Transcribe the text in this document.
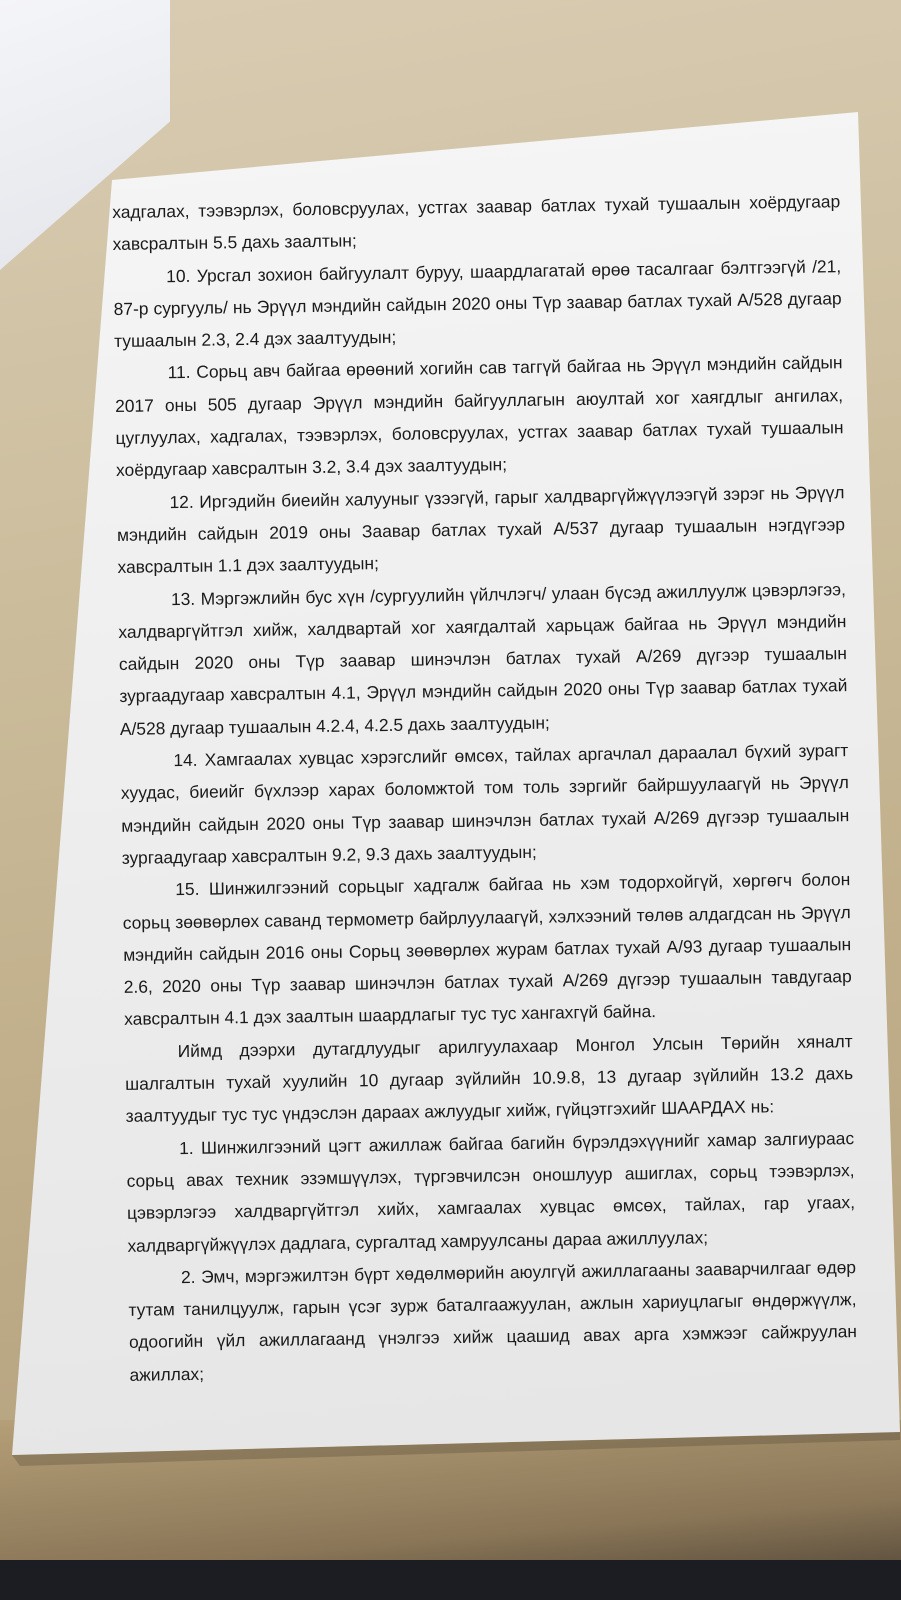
хадгалах, тээвэрлэх, боловсруулах, устгах заавар батлах тухай тушаалын хоёрдугаар хавсралтын 5.5 дахь заалтын;

10. Урсгал зохион байгуулалт буруу, шаардлагатай өрөө тасалгааг бэлтгээгүй /21, 87-р сургууль/ нь Эрүүл мэндийн сайдын 2020 оны Түр заавар батлах тухай А/528 дугаар тушаалын 2.3, 2.4 дэх заалтуудын;

11. Сорьц авч байгаа өрөөний хогийн сав таггүй байгаа нь Эрүүл мэндийн сайдын 2017 оны 505 дугаар Эрүүл мэндийн байгууллагын аюултай хог хаягдлыг ангилах, цуглуулах, хадгалах, тээвэрлэх, боловсруулах, устгах заавар батлах тухай тушаалын хоёрдугаар хавсралтын 3.2, 3.4 дэх заалтуудын;

12. Иргэдийн биеийн халууныг үзээгүй, гарыг халдваргүйжүүлээгүй зэрэг нь Эрүүл мэндийн сайдын 2019 оны Заавар батлах тухай А/537 дугаар тушаалын нэгдүгээр хавсралтын 1.1 дэх заалтуудын;

13. Мэргэжлийн бус хүн /сургуулийн үйлчлэгч/ улаан бүсэд ажиллуулж цэвэрлэгээ, халдваргүйтгэл хийж, халдвартай хог хаягдалтай харьцаж байгаа нь Эрүүл мэндийн сайдын 2020 оны Түр заавар шинэчлэн батлах тухай А/269 дүгээр тушаалын зургаадугаар хавсралтын 4.1, Эрүүл мэндийн сайдын 2020 оны Түр заавар батлах тухай А/528 дугаар тушаалын 4.2.4, 4.2.5 дахь заалтуудын;

14. Хамгаалах хувцас хэрэгслийг өмсөх, тайлах аргачлал дараалал бүхий зурагт хуудас, биеийг бүхлээр харах боломжтой том толь зэргийг байршуулаагүй нь Эрүүл мэндийн сайдын 2020 оны Түр заавар шинэчлэн батлах тухай А/269 дүгээр тушаалын зургаадугаар хавсралтын 9.2, 9.3 дахь заалтуудын;

15. Шинжилгээний сорьцыг хадгалж байгаа нь хэм тодорхойгүй, хөргөгч болон сорьц зөөвөрлөх саванд термометр байрлуулаагүй, хэлхээний төлөв алдагдсан нь Эрүүл мэндийн сайдын 2016 оны Сорьц зөөвөрлөх журам батлах тухай А/93 дугаар тушаалын 2.6, 2020 оны Түр заавар шинэчлэн батлах тухай А/269 дүгээр тушаалын тавдугаар хавсралтын 4.1 дэх заалтын шаардлагыг тус тус хангахгүй байна.

Иймд дээрхи дутагдлуудыг арилгуулахаар Монгол Улсын Төрийн хяналт шалгалтын тухай хуулийн 10 дугаар зүйлийн 10.9.8, 13 дугаар зүйлийн 13.2 дахь заалтуудыг тус тус үндэслэн дараах ажлуудыг хийж, гүйцэтгэхийг ШААРДАХ нь:

1. Шинжилгээний цэгт ажиллаж байгаа багийн бүрэлдэхүүнийг хамар залгиураас сорьц авах техник эзэмшүүлэх, түргэвчилсэн оношлуур ашиглах, сорьц тээвэрлэх, цэвэрлэгээ халдваргүйтгэл хийх, хамгаалах хувцас өмсөх, тайлах, гар угаах, халдваргүйжүүлэх дадлага, сургалтад хамруулсаны дараа ажиллуулах;

2. Эмч, мэргэжилтэн бүрт хөдөлмөрийн аюулгүй ажиллагааны зааварчилгааг өдөр тутам танилцуулж, гарын үсэг зурж баталгаажуулан, ажлын хариуцлагыг өндөржүүлж, одоогийн үйл ажиллагаанд үнэлгээ хийж цаашид авах арга хэмжээг сайжруулан ажиллах;
